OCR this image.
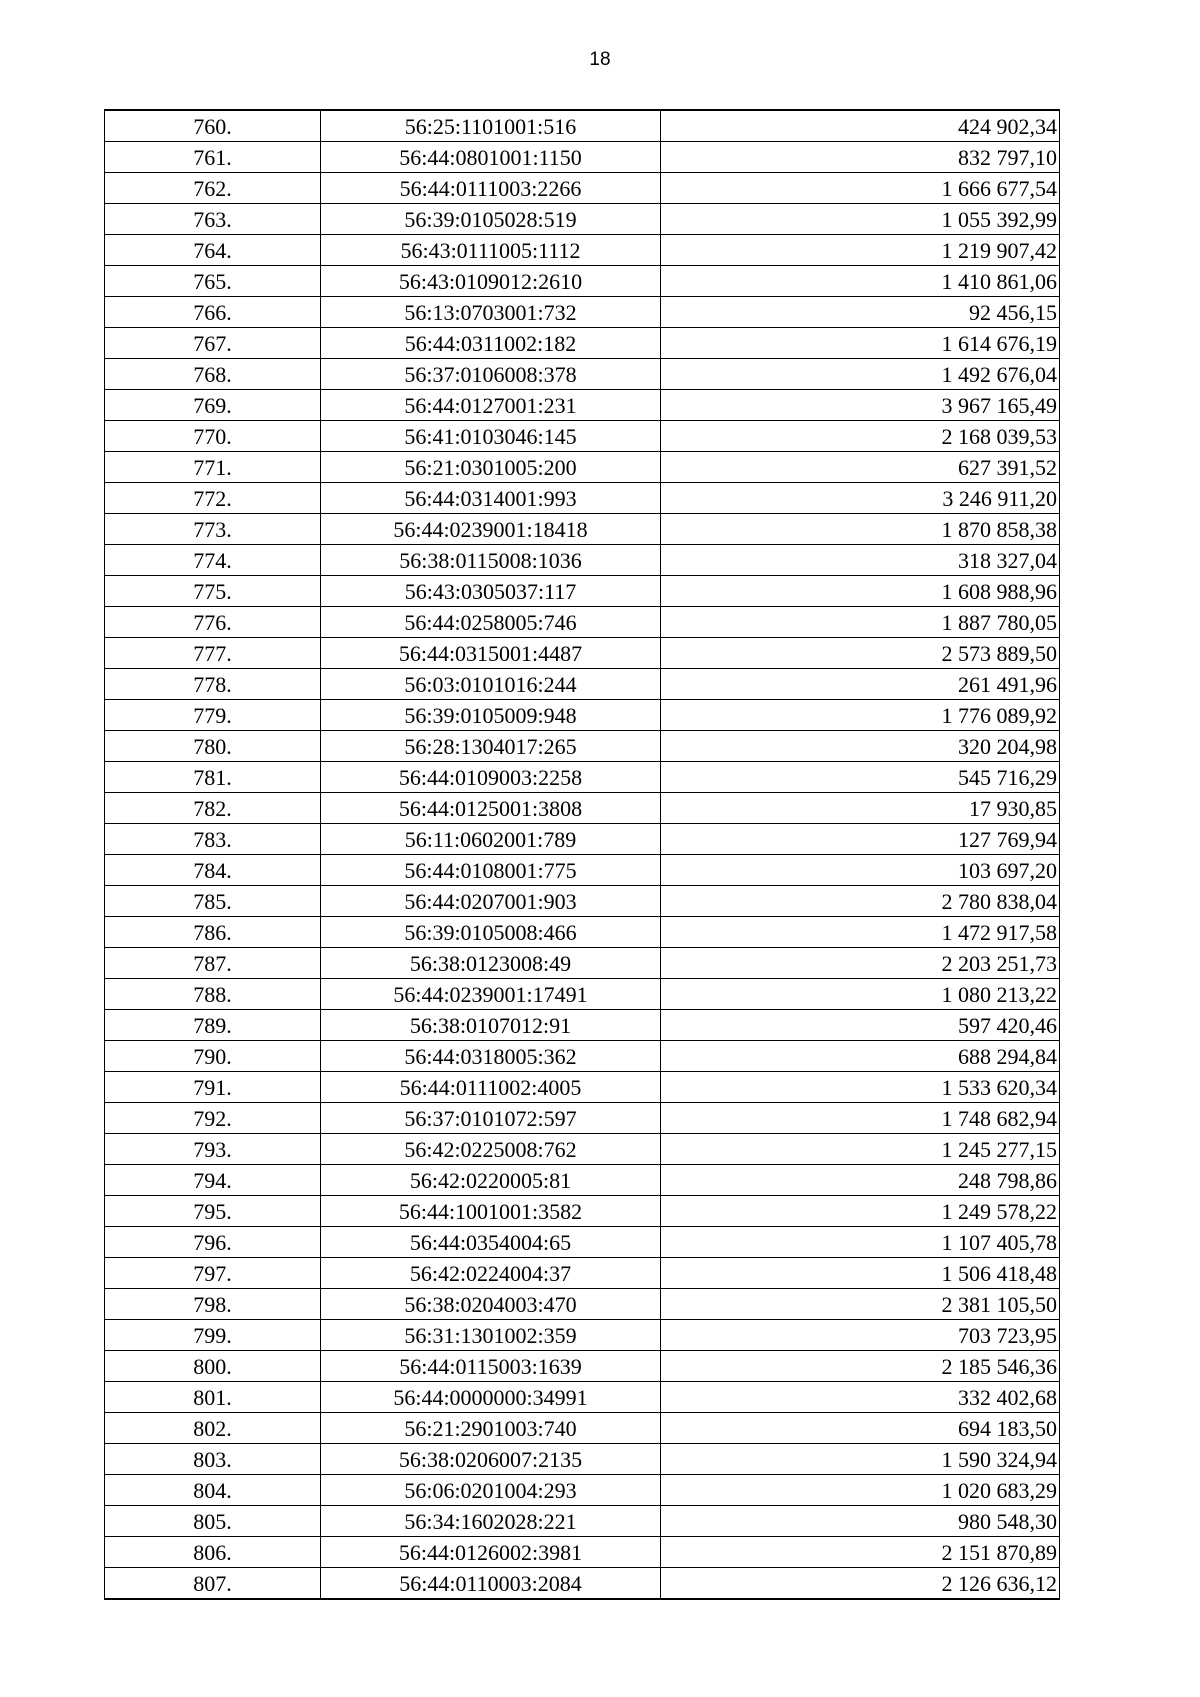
18
760.	56:25:1101001:516	424 902,34
761.	56:44:0801001:1150	832 797,10
762.	56:44:0111003:2266	1 666 677,54
763.	56:39:0105028:519	1 055 392,99
764.	56:43:0111005:1112	1 219 907,42
765.	56:43:0109012:2610	1 410 861,06
766.	56:13:0703001:732	92 456,15
767.	56:44:0311002:182	1 614 676,19
768.	56:37:0106008:378	1 492 676,04
769.	56:44:0127001:231	3 967 165,49
770.	56:41:0103046:145	2 168 039,53
771.	56:21:0301005:200	627 391,52
772.	56:44:0314001:993	3 246 911,20
773.	56:44:0239001:18418	1 870 858,38
774.	56:38:0115008:1036	318 327,04
775.	56:43:0305037:117	1 608 988,96
776.	56:44:0258005:746	1 887 780,05
777.	56:44:0315001:4487	2 573 889,50
778.	56:03:0101016:244	261 491,96
779.	56:39:0105009:948	1 776 089,92
780.	56:28:1304017:265	320 204,98
781.	56:44:0109003:2258	545 716,29
782.	56:44:0125001:3808	17 930,85
783.	56:11:0602001:789	127 769,94
784.	56:44:0108001:775	103 697,20
785.	56:44:0207001:903	2 780 838,04
786.	56:39:0105008:466	1 472 917,58
787.	56:38:0123008:49	2 203 251,73
788.	56:44:0239001:17491	1 080 213,22
789.	56:38:0107012:91	597 420,46
790.	56:44:0318005:362	688 294,84
791.	56:44:0111002:4005	1 533 620,34
792.	56:37:0101072:597	1 748 682,94
793.	56:42:0225008:762	1 245 277,15
794.	56:42:0220005:81	248 798,86
795.	56:44:1001001:3582	1 249 578,22
796.	56:44:0354004:65	1 107 405,78
797.	56:42:0224004:37	1 506 418,48
798.	56:38:0204003:470	2 381 105,50
799.	56:31:1301002:359	703 723,95
800.	56:44:0115003:1639	2 185 546,36
801.	56:44:0000000:34991	332 402,68
802.	56:21:2901003:740	694 183,50
803.	56:38:0206007:2135	1 590 324,94
804.	56:06:0201004:293	1 020 683,29
805.	56:34:1602028:221	980 548,30
806.	56:44:0126002:3981	2 151 870,89
807.	56:44:0110003:2084	2 126 636,12
